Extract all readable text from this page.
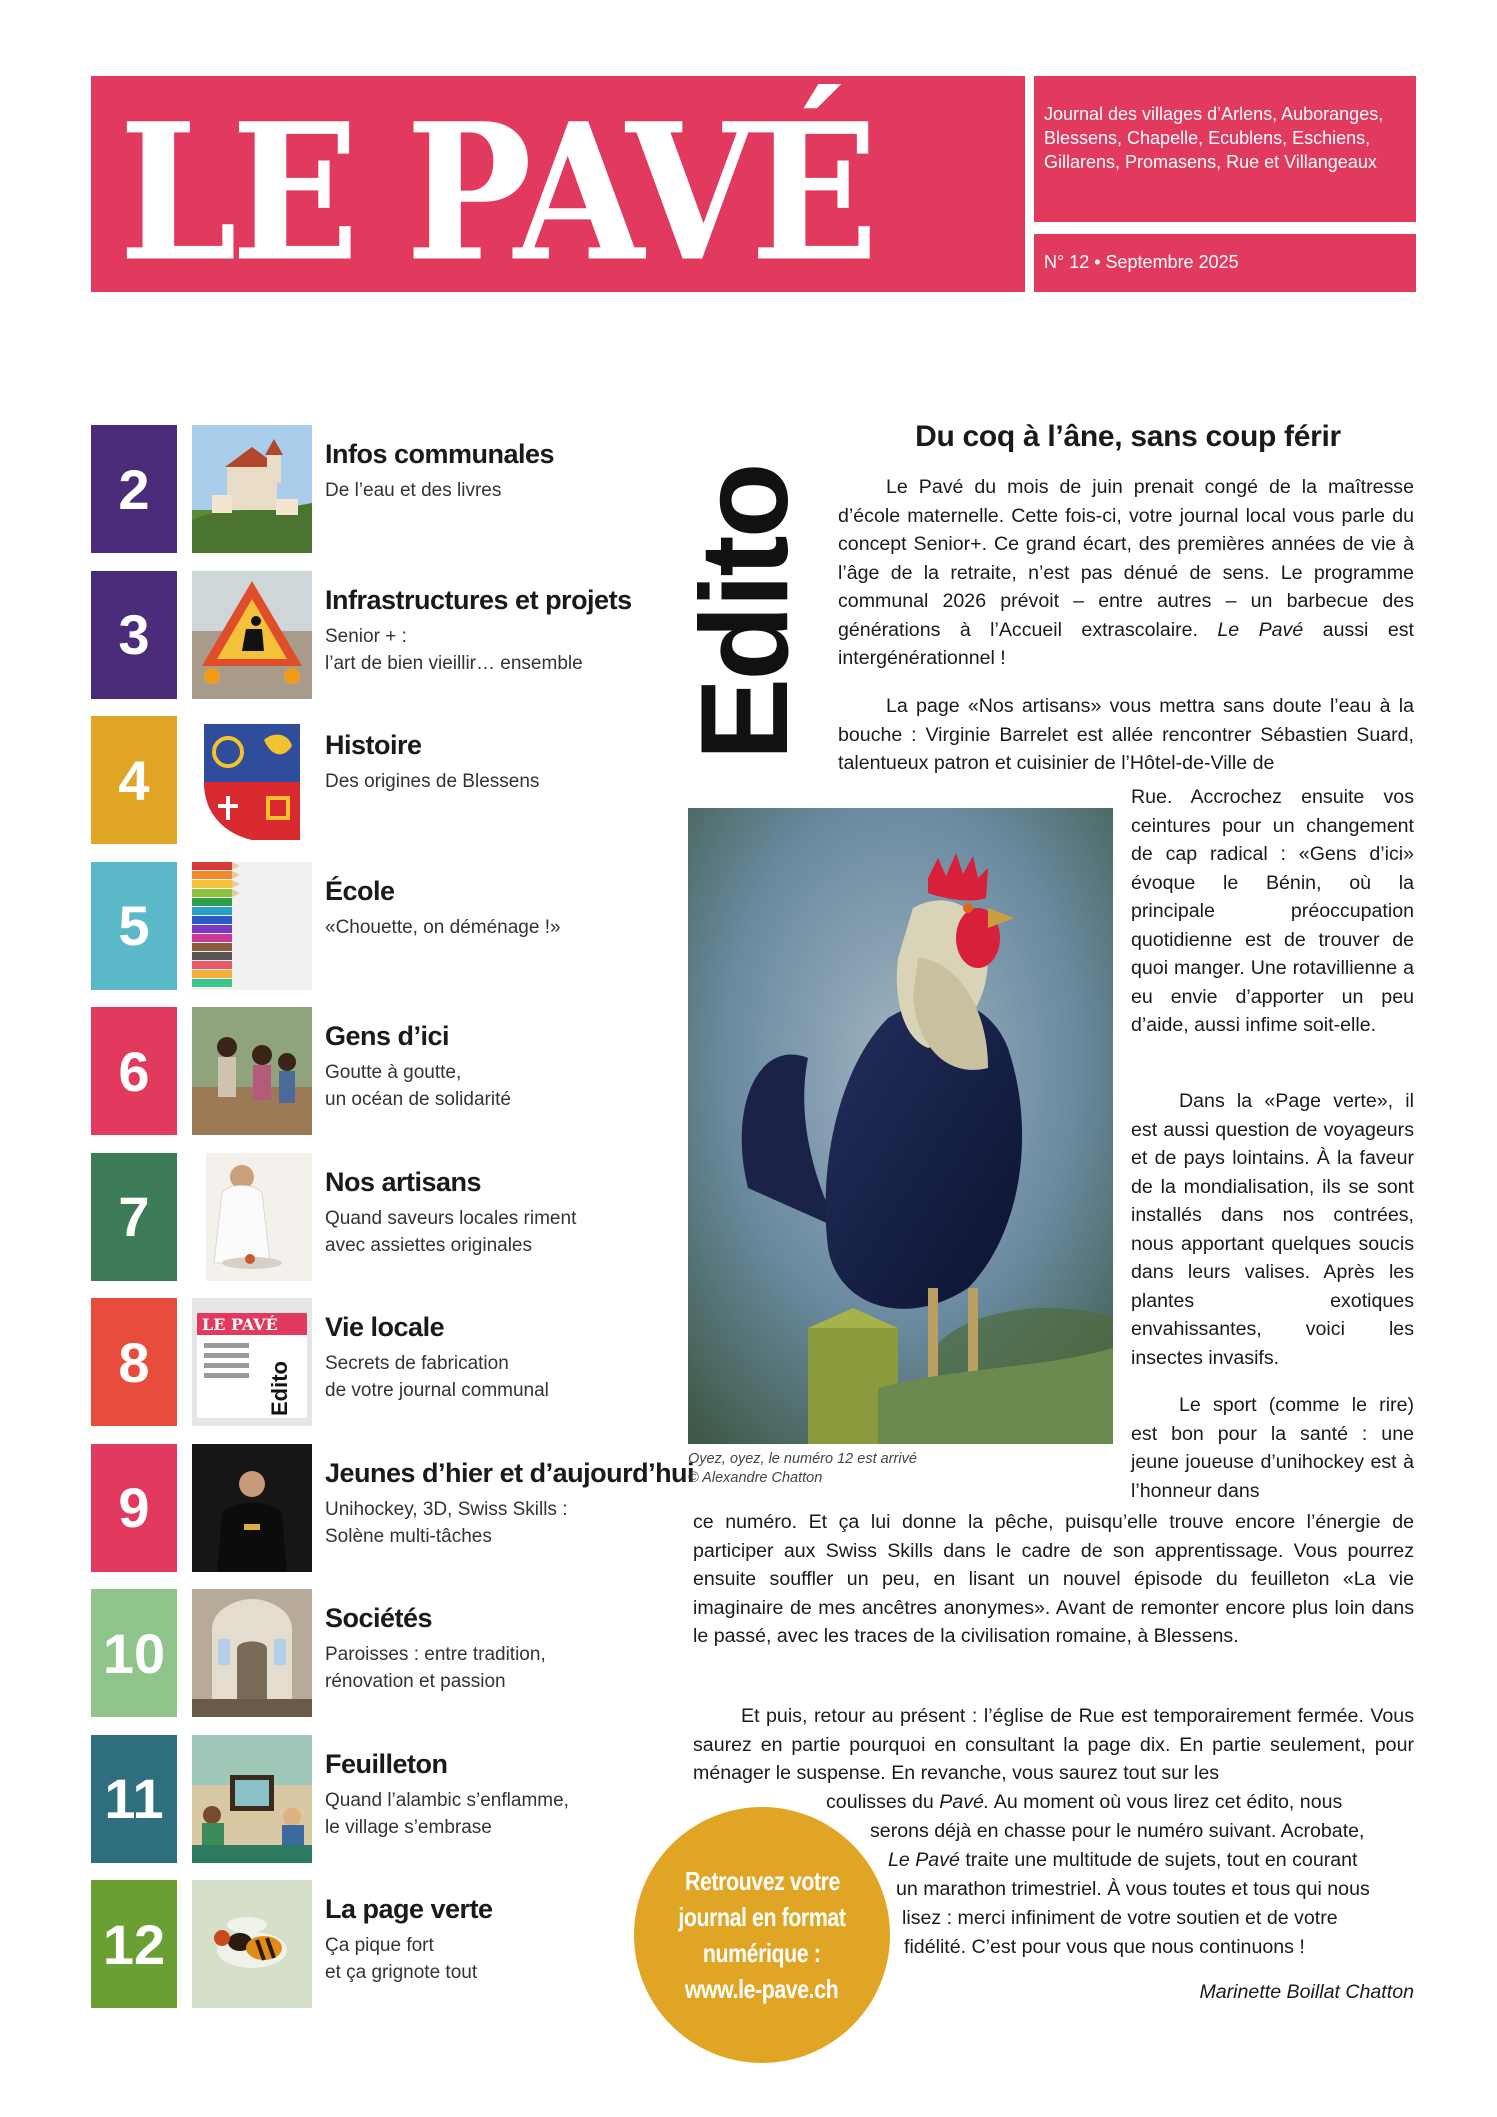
LE PAVÉ	Journal des villages d’Arlens, Auboranges, Blessens, Chapelle, Ecublens, Eschiens, Gillarens, Promasens, Rue et Villangeaux
N° 12 • Septembre 2025
2
Infos communales
De l’eau et des livres
3
Infrastructures et projets
Senior + :
l’art de bien vieillir… ensemble
4
Histoire
Des origines de Blessens
5
École
«Chouette, on déménage !»
6
Gens d’ici
Goutte à goutte,
un océan de solidarité
7
Nos artisans
Quand saveurs locales riment
avec assiettes originales
8
LE PAVÉ
Edito
Vie locale
Secrets de fabrication
de votre journal communal
9
Jeunes d’hier et d’aujourd’hui
Unihockey, 3D, Swiss Skills :
Solène multi-tâches
10
Sociétés
Paroisses : entre tradition,
rénovation et passion
11
Feuilleton
Quand l’alambic s’enflamme,
le village s’embrase
12
La page verte
Ça pique fort
et ça grignote tout
Edito
Du coq à l’âne, sans coup férir

Le Pavé du mois de juin prenait congé de la maîtresse d’école maternelle. Cette fois-ci, votre journal local vous parle du concept Senior+. Ce grand écart, des premières années de vie à l’âge de la retraite, n’est pas dénué de sens. Le programme communal 2026 prévoit – entre autres – un barbecue des générations à l’Accueil extrascolaire. Le Pavé aussi est intergénérationnel !

La page «Nos artisans» vous mettra sans doute l’eau à la bouche : Virginie Barrelet est allée rencontrer Sébastien Suard, talentueux patron et cuisinier de l’Hôtel-de-Ville de

Rue. Accrochez ensuite vos ceintures pour un changement de cap radical : «Gens d’ici» évoque le Bénin, où la principale préoccupation quotidienne est de trouver de quoi manger. Une rotavillienne a eu envie d’apporter un peu d’aide, aussi infime soit-elle.

Dans la «Page verte», il est aussi question de voyageurs et de pays lointains. À la faveur de la mondialisation, ils se sont installés dans nos contrées, nous apportant quelques soucis dans leurs valises. Après les plantes exotiques envahissantes, voici les insectes invasifs.

Le sport (comme le rire) est bon pour la santé : une jeune joueuse d’unihockey est à l’honneur dans

ce numéro. Et ça lui donne la pêche, puisqu’elle trouve encore l’énergie de participer aux Swiss Skills dans le cadre de son apprentissage. Vous pourrez ensuite souffler un peu, en lisant un nouvel épisode du feuilleton «La vie imaginaire de mes ancêtres anonymes». Avant de remonter encore plus loin dans le passé, avec les traces de la civilisation romaine, à Blessens.

Et puis, retour au présent : l’église de Rue est temporairement fermée. Vous saurez en partie pourquoi en consultant la page dix. En partie seulement, pour ménager le suspense. En revanche, vous saurez tout sur les

coulisses du Pavé. Au moment où vous lirez cet édito, nous

serons déjà en chasse pour le numéro suivant. Acrobate,

Le Pavé traite une multitude de sujets, tout en courant

un marathon trimestriel. À vous toutes et tous qui nous

lisez : merci infiniment de votre soutien et de votre

fidélité. C’est pour vous que nous continuons !

Marinette Boillat Chatton
Oyez, oyez, le numéro 12 est arrivé
© Alexandre Chatton
Retrouvez votre
journal en format
numérique :
www.le-pave.ch
